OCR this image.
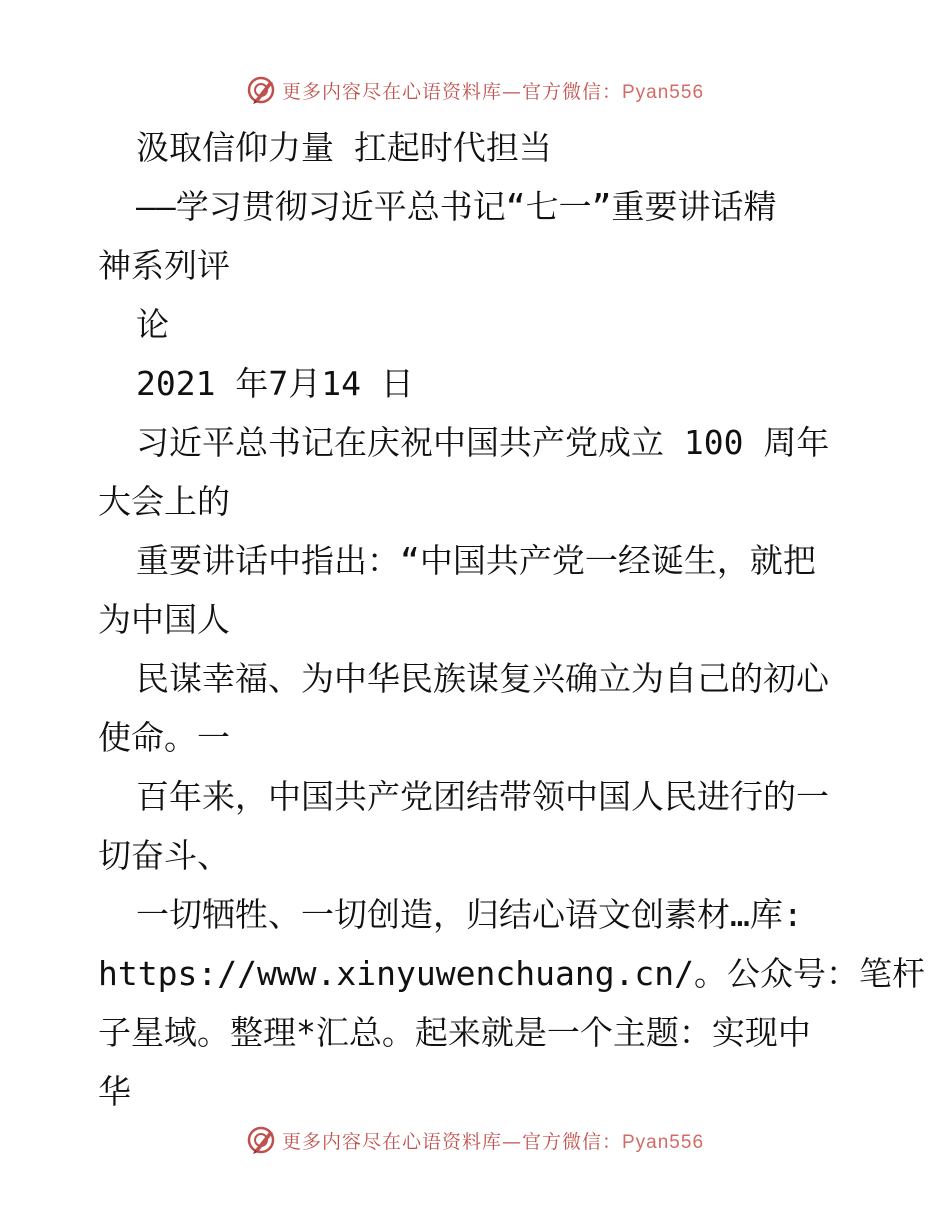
更多内容尽在心语资料库—官方微信：Pyan556
汲取信仰力量 扛起时代担当
——学习贯彻习近平总书记“七一”重要讲话精
神系列评
论
2021 年7月14 日
习近平总书记在庆祝中国共产党成立 100 周年
大会上的
重要讲话中指出：“中国共产党一经诞生，就把
为中国人
民谋幸福、为中华民族谋复兴确立为自己的初心
使命。一
百年来，中国共产党团结带领中国人民进行的一
切奋斗、
一切牺牲、一切创造，归结心语文创素材…库:
https://www.xinyuwenchuang.cn/。公众号：笔杆
子星域。整理*汇总。起来就是一个主题：实现中
华
更多内容尽在心语资料库—官方微信：Pyan556
